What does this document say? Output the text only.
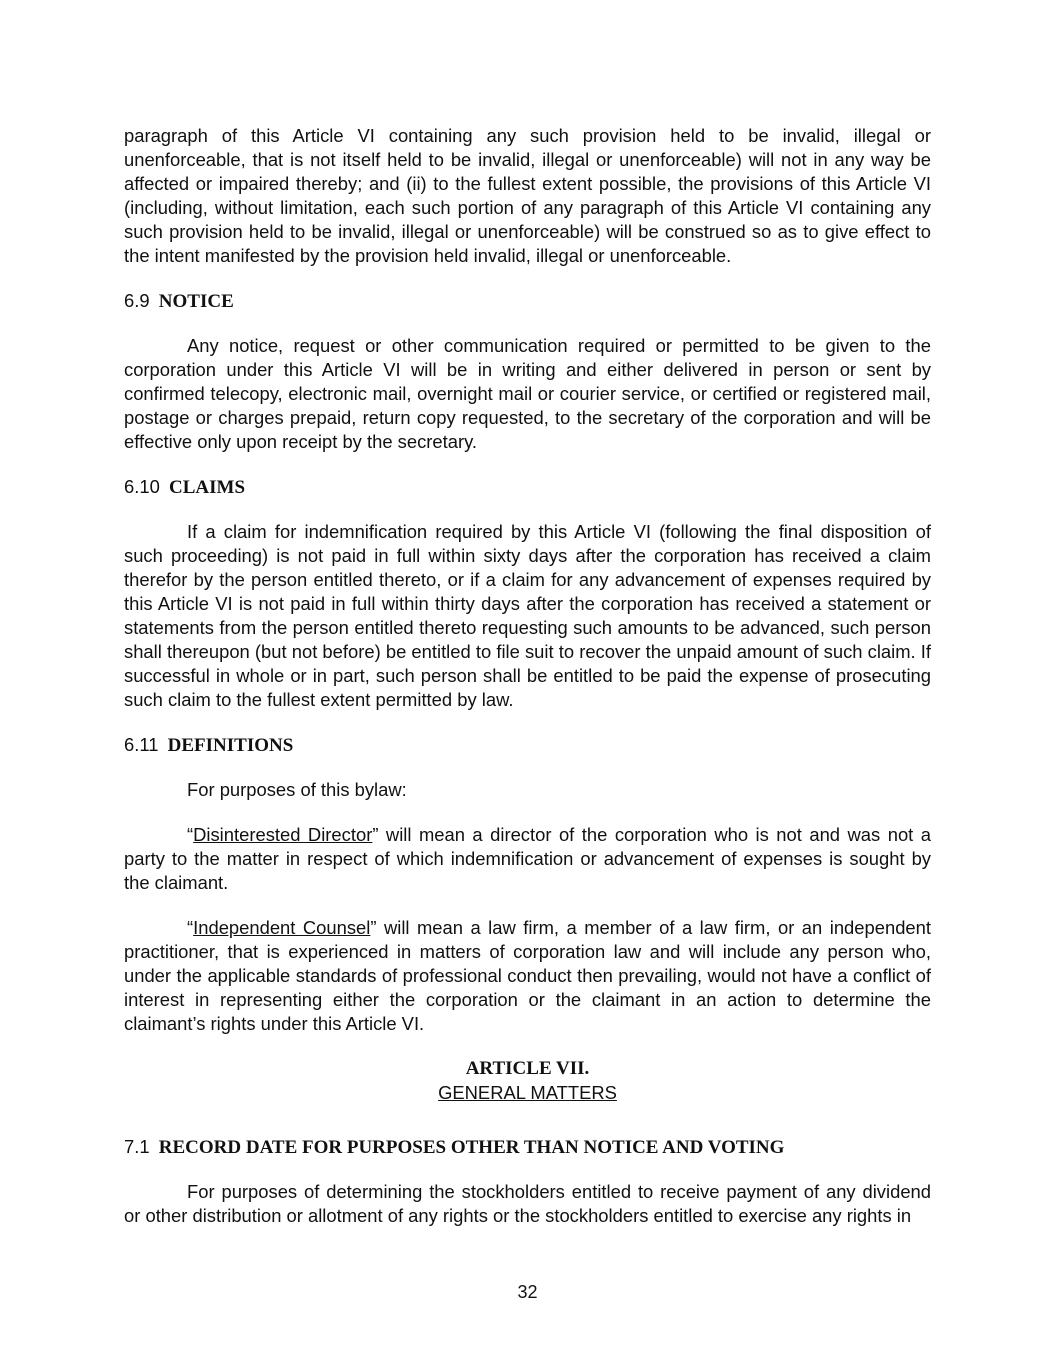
paragraph of this Article VI containing any such provision held to be invalid, illegal or unenforceable, that is not itself held to be invalid, illegal or unenforceable) will not in any way be affected or impaired thereby; and (ii) to the fullest extent possible, the provisions of this Article VI (including, without limitation, each such portion of any paragraph of this Article VI containing any such provision held to be invalid, illegal or unenforceable) will be construed so as to give effect to the intent manifested by the provision held invalid, illegal or unenforceable.

6.9 NOTICE

Any notice, request or other communication required or permitted to be given to the corporation under this Article VI will be in writing and either delivered in person or sent by confirmed telecopy, electronic mail, overnight mail or courier service, or certified or registered mail, postage or charges prepaid, return copy requested, to the secretary of the corporation and will be effective only upon receipt by the secretary.

6.10 CLAIMS

If a claim for indemnification required by this Article VI (following the final disposition of such proceeding) is not paid in full within sixty days after the corporation has received a claim therefor by the person entitled thereto, or if a claim for any advancement of expenses required by this Article VI is not paid in full within thirty days after the corporation has received a statement or statements from the person entitled thereto requesting such amounts to be advanced, such person shall thereupon (but not before) be entitled to file suit to recover the unpaid amount of such claim. If successful in whole or in part, such person shall be entitled to be paid the expense of prosecuting such claim to the fullest extent permitted by law.

6.11 DEFINITIONS

For purposes of this bylaw:

“Disinterested Director” will mean a director of the corporation who is not and was not a party to the matter in respect of which indemnification or advancement of expenses is sought by the claimant.

“Independent Counsel” will mean a law firm, a member of a law firm, or an independent practitioner, that is experienced in matters of corporation law and will include any person who, under the applicable standards of professional conduct then prevailing, would not have a conflict of interest in representing either the corporation or the claimant in an action to determine the claimant’s rights under this Article VI.

ARTICLE VII.

GENERAL MATTERS

7.1 RECORD DATE FOR PURPOSES OTHER THAN NOTICE AND VOTING

For purposes of determining the stockholders entitled to receive payment of any dividend or other distribution or allotment of any rights or the stockholders entitled to exercise any rights in

32
